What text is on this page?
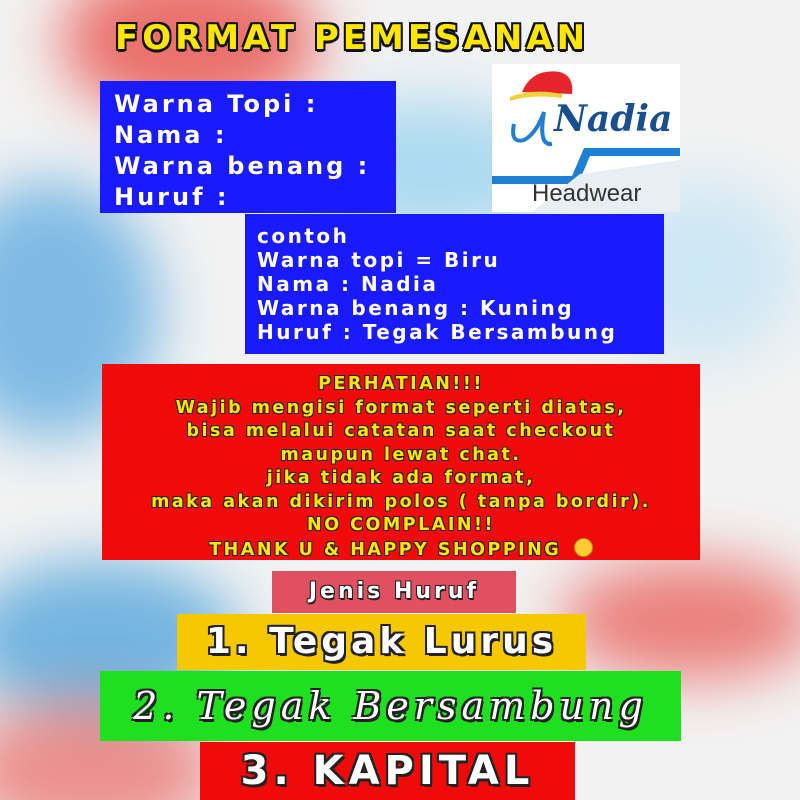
FORMAT PEMESANAN
Warna Topi :
Nama :
Warna benang :
Huruf :
Nadia
Headwear
contoh
Warna topi = Biru
Nama : Nadia
Warna benang : Kuning
Huruf : Tegak Bersambung
PERHATIAN!!!
Wajib mengisi format seperti diatas,
bisa melalui catatan saat checkout
maupun lewat chat.
jika tidak ada format,
maka akan dikirim polos ( tanpa bordir).
NO COMPLAIN!!
THANK U & HAPPY SHOPPING
Jenis Huruf
1. Tegak Lurus
2. Tegak Bersambung
3. KAPITAL
